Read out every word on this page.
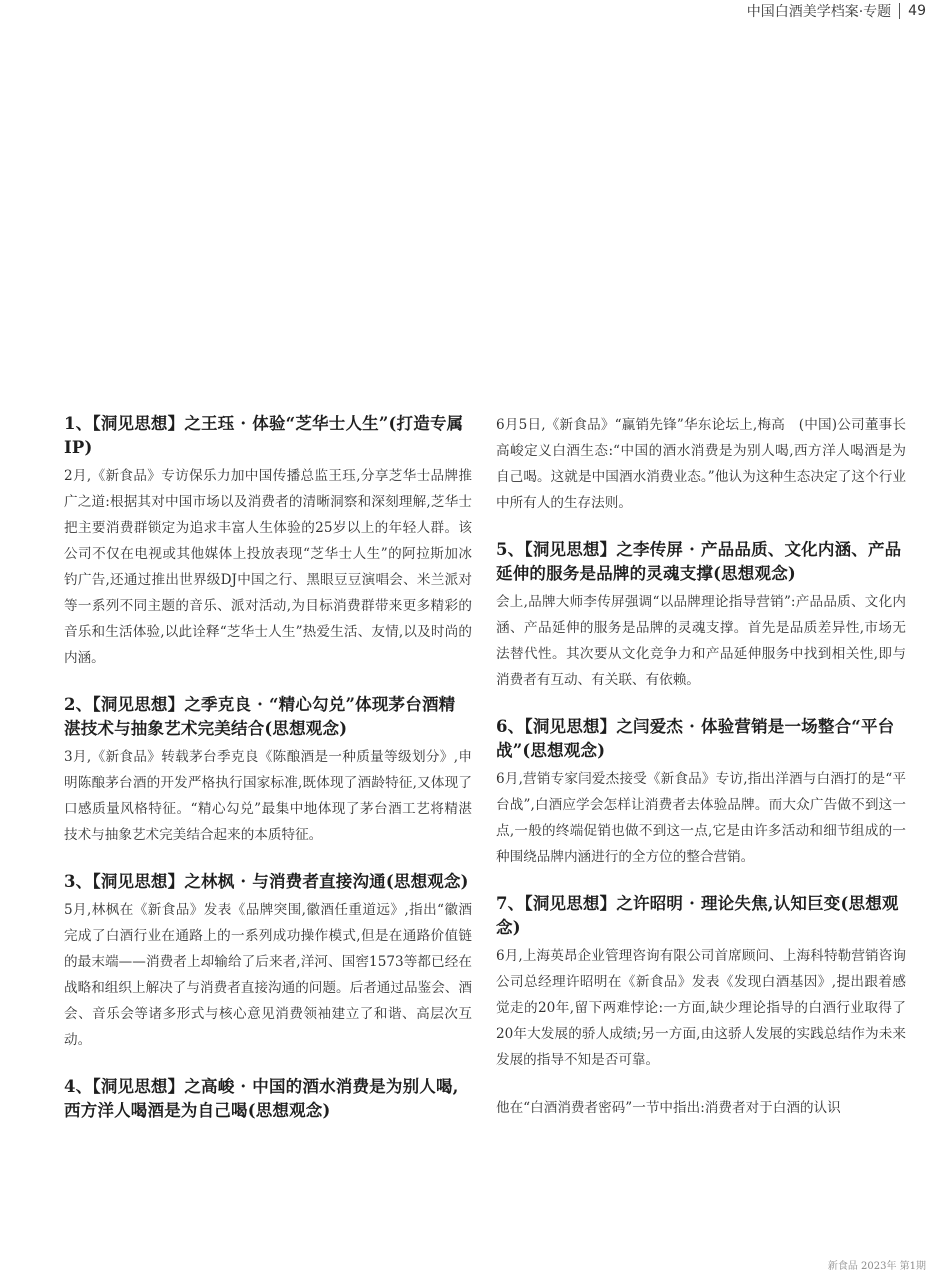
中国白酒美学档案·专题 49
1、【洞见思想】之王珏 · 体验“芝华士人生”(打造专属IP)

2月,《新食品》专访保乐力加中国传播总监王珏,分享芝华士品牌推广之道:根据其对中国市场以及消费者的清晰洞察和深刻理解,芝华士把主要消费群锁定为追求丰富人生体验的25岁以上的年轻人群。该公司不仅在电视或其他媒体上投放表现“芝华士人生”的阿拉斯加冰钓广告,还通过推出世界级DJ中国之行、黑眼豆豆演唱会、米兰派对等一系列不同主题的音乐、派对活动,为目标消费群带来更多精彩的音乐和生活体验,以此诠释“芝华士人生”热爱生活、友情,以及时尚的内涵。

2、【洞见思想】之季克良 · “精心勾兑”体现茅台酒精湛技术与抽象艺术完美结合(思想观念)

3月,《新食品》转载茅台季克良《陈酿酒是一种质量等级划分》,申明陈酿茅台酒的开发严格执行国家标准,既体现了酒龄特征,又体现了口感质量风格特征。“精心勾兑”最集中地体现了茅台酒工艺将精湛技术与抽象艺术完美结合起来的本质特征。

3、【洞见思想】之林枫 · 与消费者直接沟通(思想观念)

5月,林枫在《新食品》发表《品牌突围,徽酒任重道远》,指出“徽酒完成了白酒行业在通路上的一系列成功操作模式,但是在通路价值链的最末端——消费者上却输给了后来者,洋河、国窖1573等都已经在战略和组织上解决了与消费者直接沟通的问题。后者通过品鉴会、酒会、音乐会等诸多形式与核心意见消费领袖建立了和谐、高层次互动。

4、【洞见思想】之高峻 · 中国的酒水消费是为别人喝,西方洋人喝酒是为自己喝(思想观念)

6月5日,《新食品》“赢销先锋”华东论坛上,梅高　(中国)公司董事长高峻定义白酒生态:“中国的酒水消费是为别人喝,西方洋人喝酒是为自己喝。这就是中国酒水消费业态。”他认为这种生态决定了这个行业中所有人的生存法则。

5、【洞见思想】之李传屏 · 产品品质、文化内涵、产品延伸的服务是品牌的灵魂支撑(思想观念)

会上,品牌大师李传屏强调“以品牌理论指导营销”:产品品质、文化内涵、产品延伸的服务是品牌的灵魂支撑。首先是品质差异性,市场无法替代性。其次要从文化竞争力和产品延伸服务中找到相关性,即与消费者有互动、有关联、有依赖。

6、【洞见思想】之闫爱杰 · 体验营销是一场整合“平台战”(思想观念)

6月,营销专家闫爱杰接受《新食品》专访,指出洋酒与白酒打的是“平台战”,白酒应学会怎样让消费者去体验品牌。而大众广告做不到这一点,一般的终端促销也做不到这一点,它是由许多活动和细节组成的一种围绕品牌内涵进行的全方位的整合营销。

7、【洞见思想】之许昭明 · 理论失焦,认知巨变(思想观念)

6月,上海英昂企业管理咨询有限公司首席顾问、上海科特勒营销咨询公司总经理许昭明在《新食品》发表《发现白酒基因》,提出跟着感觉走的20年,留下两难悖论:一方面,缺少理论指导的白酒行业取得了20年大发展的骄人成绩;另一方面,由这骄人发展的实践总结作为未来发展的指导不知是否可靠。

他在“白酒消费者密码”一节中指出:消费者对于白酒的认识

新食品 2023年 第1期
